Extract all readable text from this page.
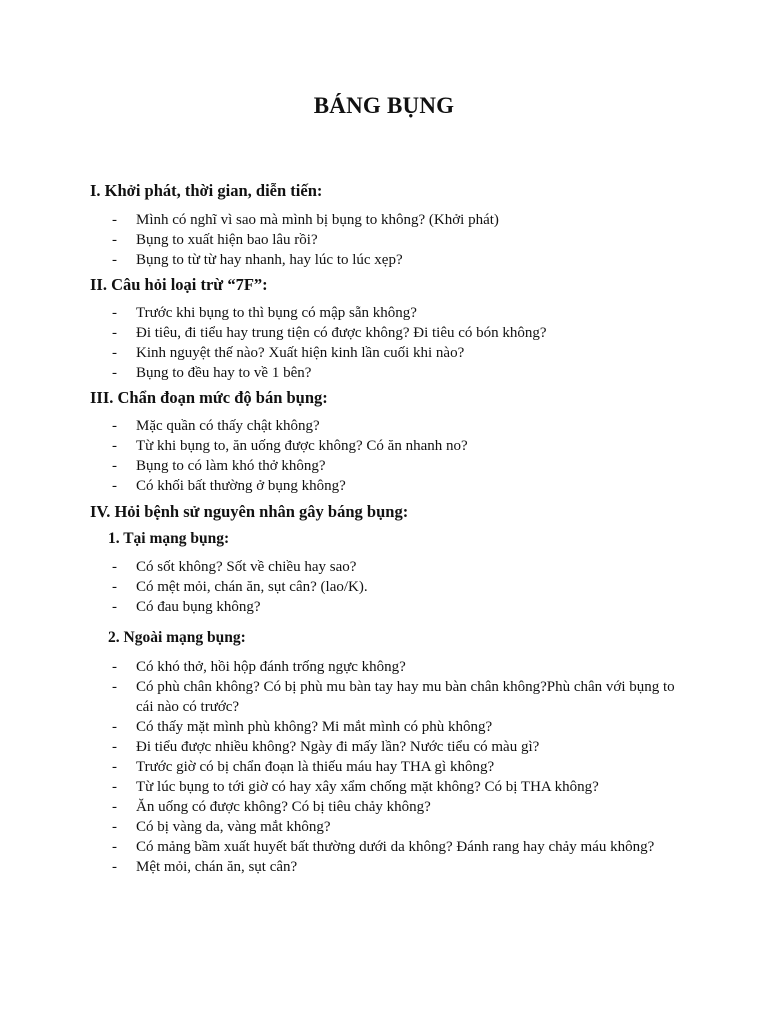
BÁNG BỤNG
I. Khởi phát, thời gian, diễn tiến:
- Mình có nghĩ vì sao mà mình bị bụng to không? (Khởi phát)
- Bụng to xuất hiện bao lâu rồi?
- Bụng to từ từ hay nhanh, hay lúc to lúc xẹp?
II. Câu hỏi loại trừ “7F”:
- Trước khi bụng to thì bụng có mập sẵn không?
- Đi tiêu, đi tiểu hay trung tiện có được không? Đi tiêu có bón không?
- Kinh nguyệt thế nào? Xuất hiện kinh lần cuối khi nào?
- Bụng to đều hay to về 1 bên?
III. Chẩn đoạn mức độ bán bụng:
- Mặc quần có thấy chật không?
- Từ khi bụng to, ăn uống được không? Có ăn nhanh no?
- Bụng to có làm khó thở không?
- Có khối bất thường ở bụng không?
IV. Hỏi bệnh sử nguyên nhân gây báng bụng:
1. Tại mạng bụng:
- Có sốt không? Sốt về chiều hay sao?
- Có mệt mỏi, chán ăn, sụt cân? (lao/K).
- Có đau bụng không?
2. Ngoài mạng bụng:
- Có khó thở, hồi hộp đánh trống ngực không?
- Có phù chân không? Có bị phù mu bàn tay hay mu bàn chân không?Phù chân với bụng to cái nào có trước?
- Có thấy mặt mình phù không? Mi mắt mình có phù không?
- Đi tiểu được nhiều không? Ngày đi mấy lần? Nước tiểu có màu gì?
- Trước giờ có bị chẩn đoạn là thiếu máu hay THA gì không?
- Từ lúc bụng to tới giờ có hay xây xẩm chống mặt không? Có bị THA không?
- Ăn uống có được không? Có bị tiêu chảy không?
- Có bị vàng da, vàng mắt không?
- Có mảng bầm xuất huyết bất thường dưới da không? Đánh rang hay chảy máu không?
- Mệt mỏi, chán ăn, sụt cân?
